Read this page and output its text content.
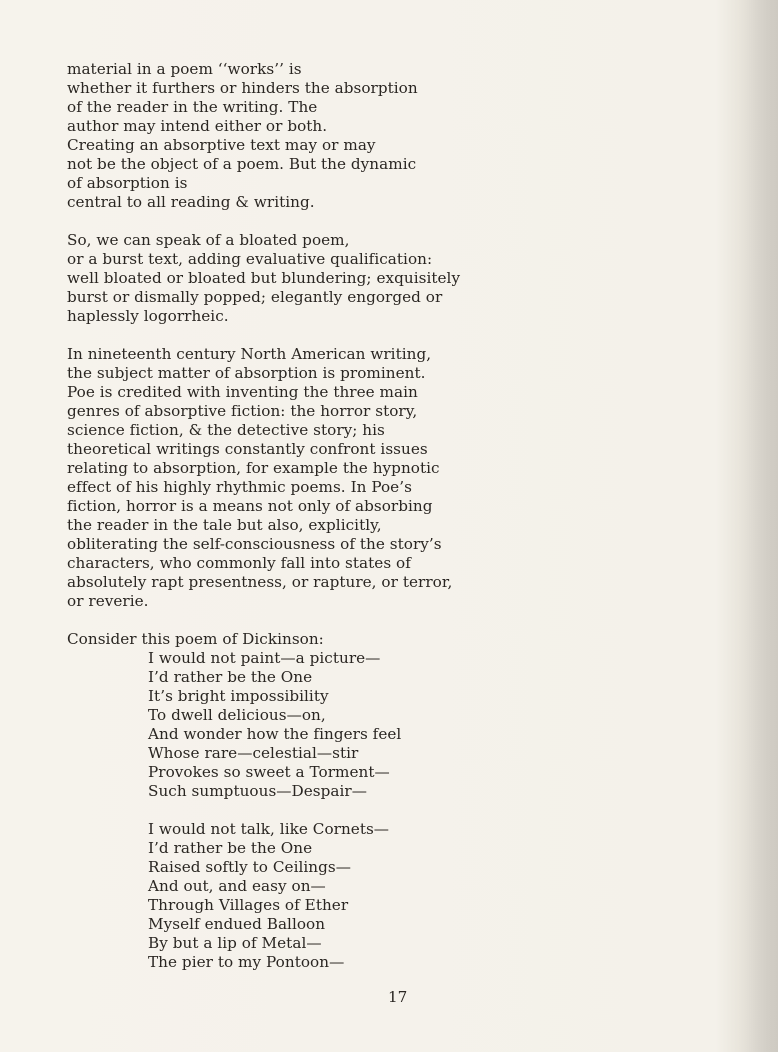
material in a poem ‘‘works’’ is
whether it furthers or hinders the absorption
of the reader in the writing. The
author may intend either or both.
Creating an absorptive text may or may
not be the object of a poem. But the dynamic
of absorption is
central to all reading & writing.
So, we can speak of a bloated poem,
or a burst text, adding evaluative qualification:
well bloated or bloated but blundering; exquisitely
burst or dismally popped; elegantly engorged or
haplessly logorrheic.
In nineteenth century North American writing,
the subject matter of absorption is prominent.
Poe is credited with inventing the three main
genres of absorptive fiction: the horror story,
science fiction, & the detective story; his
theoretical writings constantly confront issues
relating to absorption, for example the hypnotic
effect of his highly rhythmic poems. In Poe’s
fiction, horror is a means not only of absorbing
the reader in the tale but also, explicitly,
obliterating the self-consciousness of the story’s
characters, who commonly fall into states of
absolutely rapt presentness, or rapture, or terror,
or reverie.
Consider this poem of Dickinson:
I would not paint—a picture—
I’d rather be the One
It’s bright impossibility
To dwell delicious—on,
And wonder how the fingers feel
Whose rare—celestial—stir
Provokes so sweet a Torment—
Such sumptuous—Despair—
I would not talk, like Cornets—
I’d rather be the One
Raised softly to Ceilings—
And out, and easy on—
Through Villages of Ether
Myself endued Balloon
By but a lip of Metal—
The pier to my Pontoon—
17
